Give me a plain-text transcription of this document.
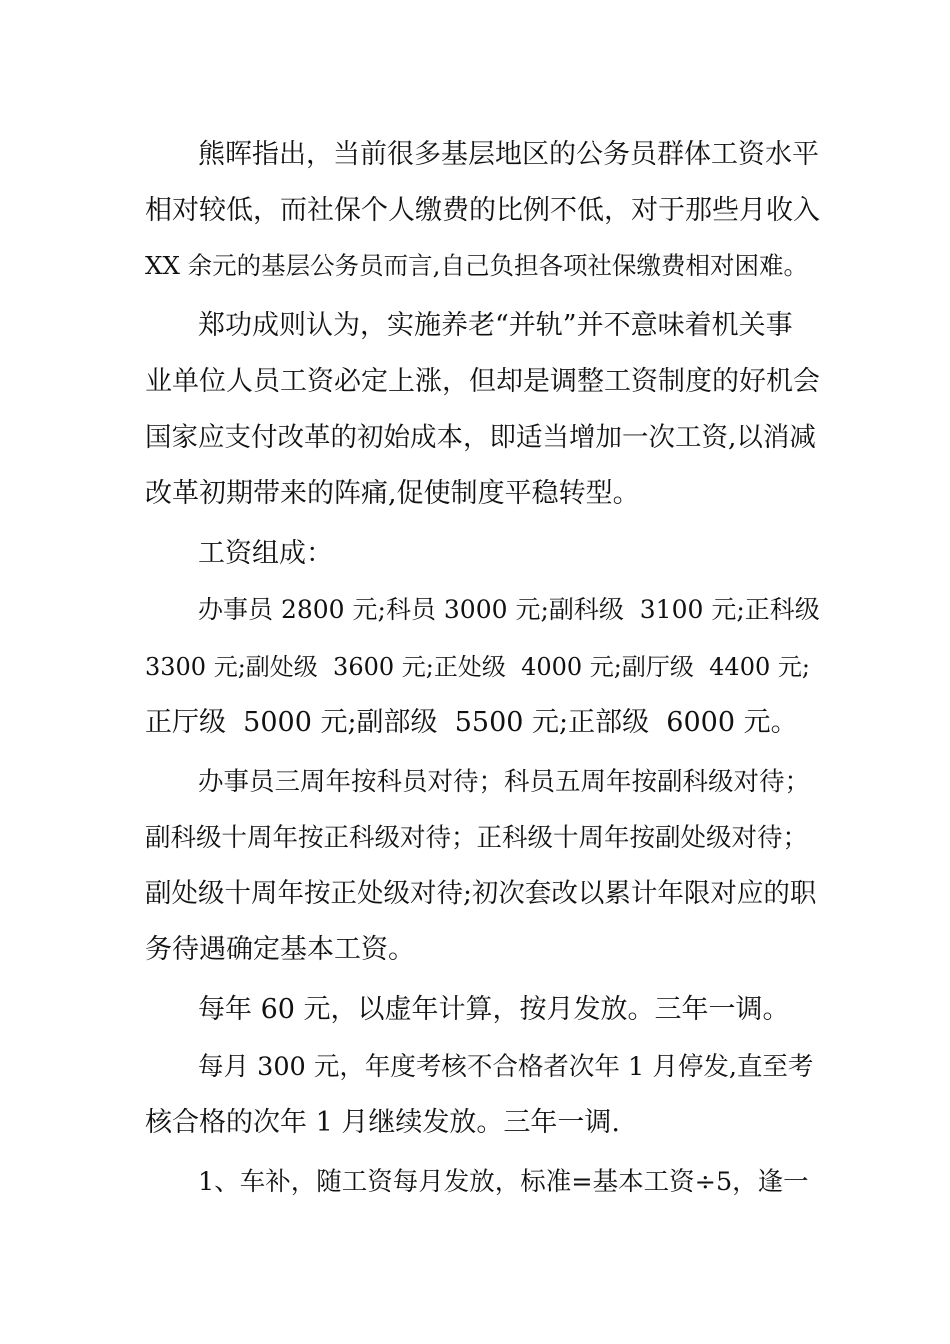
熊晖指出，当前很多基层地区的公务员群体工资水平
相对较低，而社保个人缴费的比例不低，对于那些月收入
XX 余元的基层公务员而言,自己负担各项社保缴费相对困难。
郑功成则认为，实施养老“并轨”并不意味着机关事
业单位人员工资必定上涨，但却是调整工资制度的好机会
国家应支付改革的初始成本，即适当增加一次工资,以消减
改革初期带来的阵痛,促使制度平稳转型。
工资组成：
办事员 2800 元;科员 3000 元;副科级  3100 元;正科级
3300 元;副处级  3600 元;正处级  4000 元;副厅级  4400 元;
正厅级  5000 元;副部级  5500 元;正部级  6000 元。
办事员三周年按科员对待；科员五周年按副科级对待；
副科级十周年按正科级对待；正科级十周年按副处级对待；
副处级十周年按正处级对待;初次套改以累计年限对应的职
务待遇确定基本工资。
每年 60 元，以虚年计算，按月发放。三年一调。
每月 300 元，年度考核不合格者次年 1 月停发,直至考
核合格的次年 1 月继续发放。三年一调.
1、车补，随工资每月发放，标准=基本工资÷5，逢一
